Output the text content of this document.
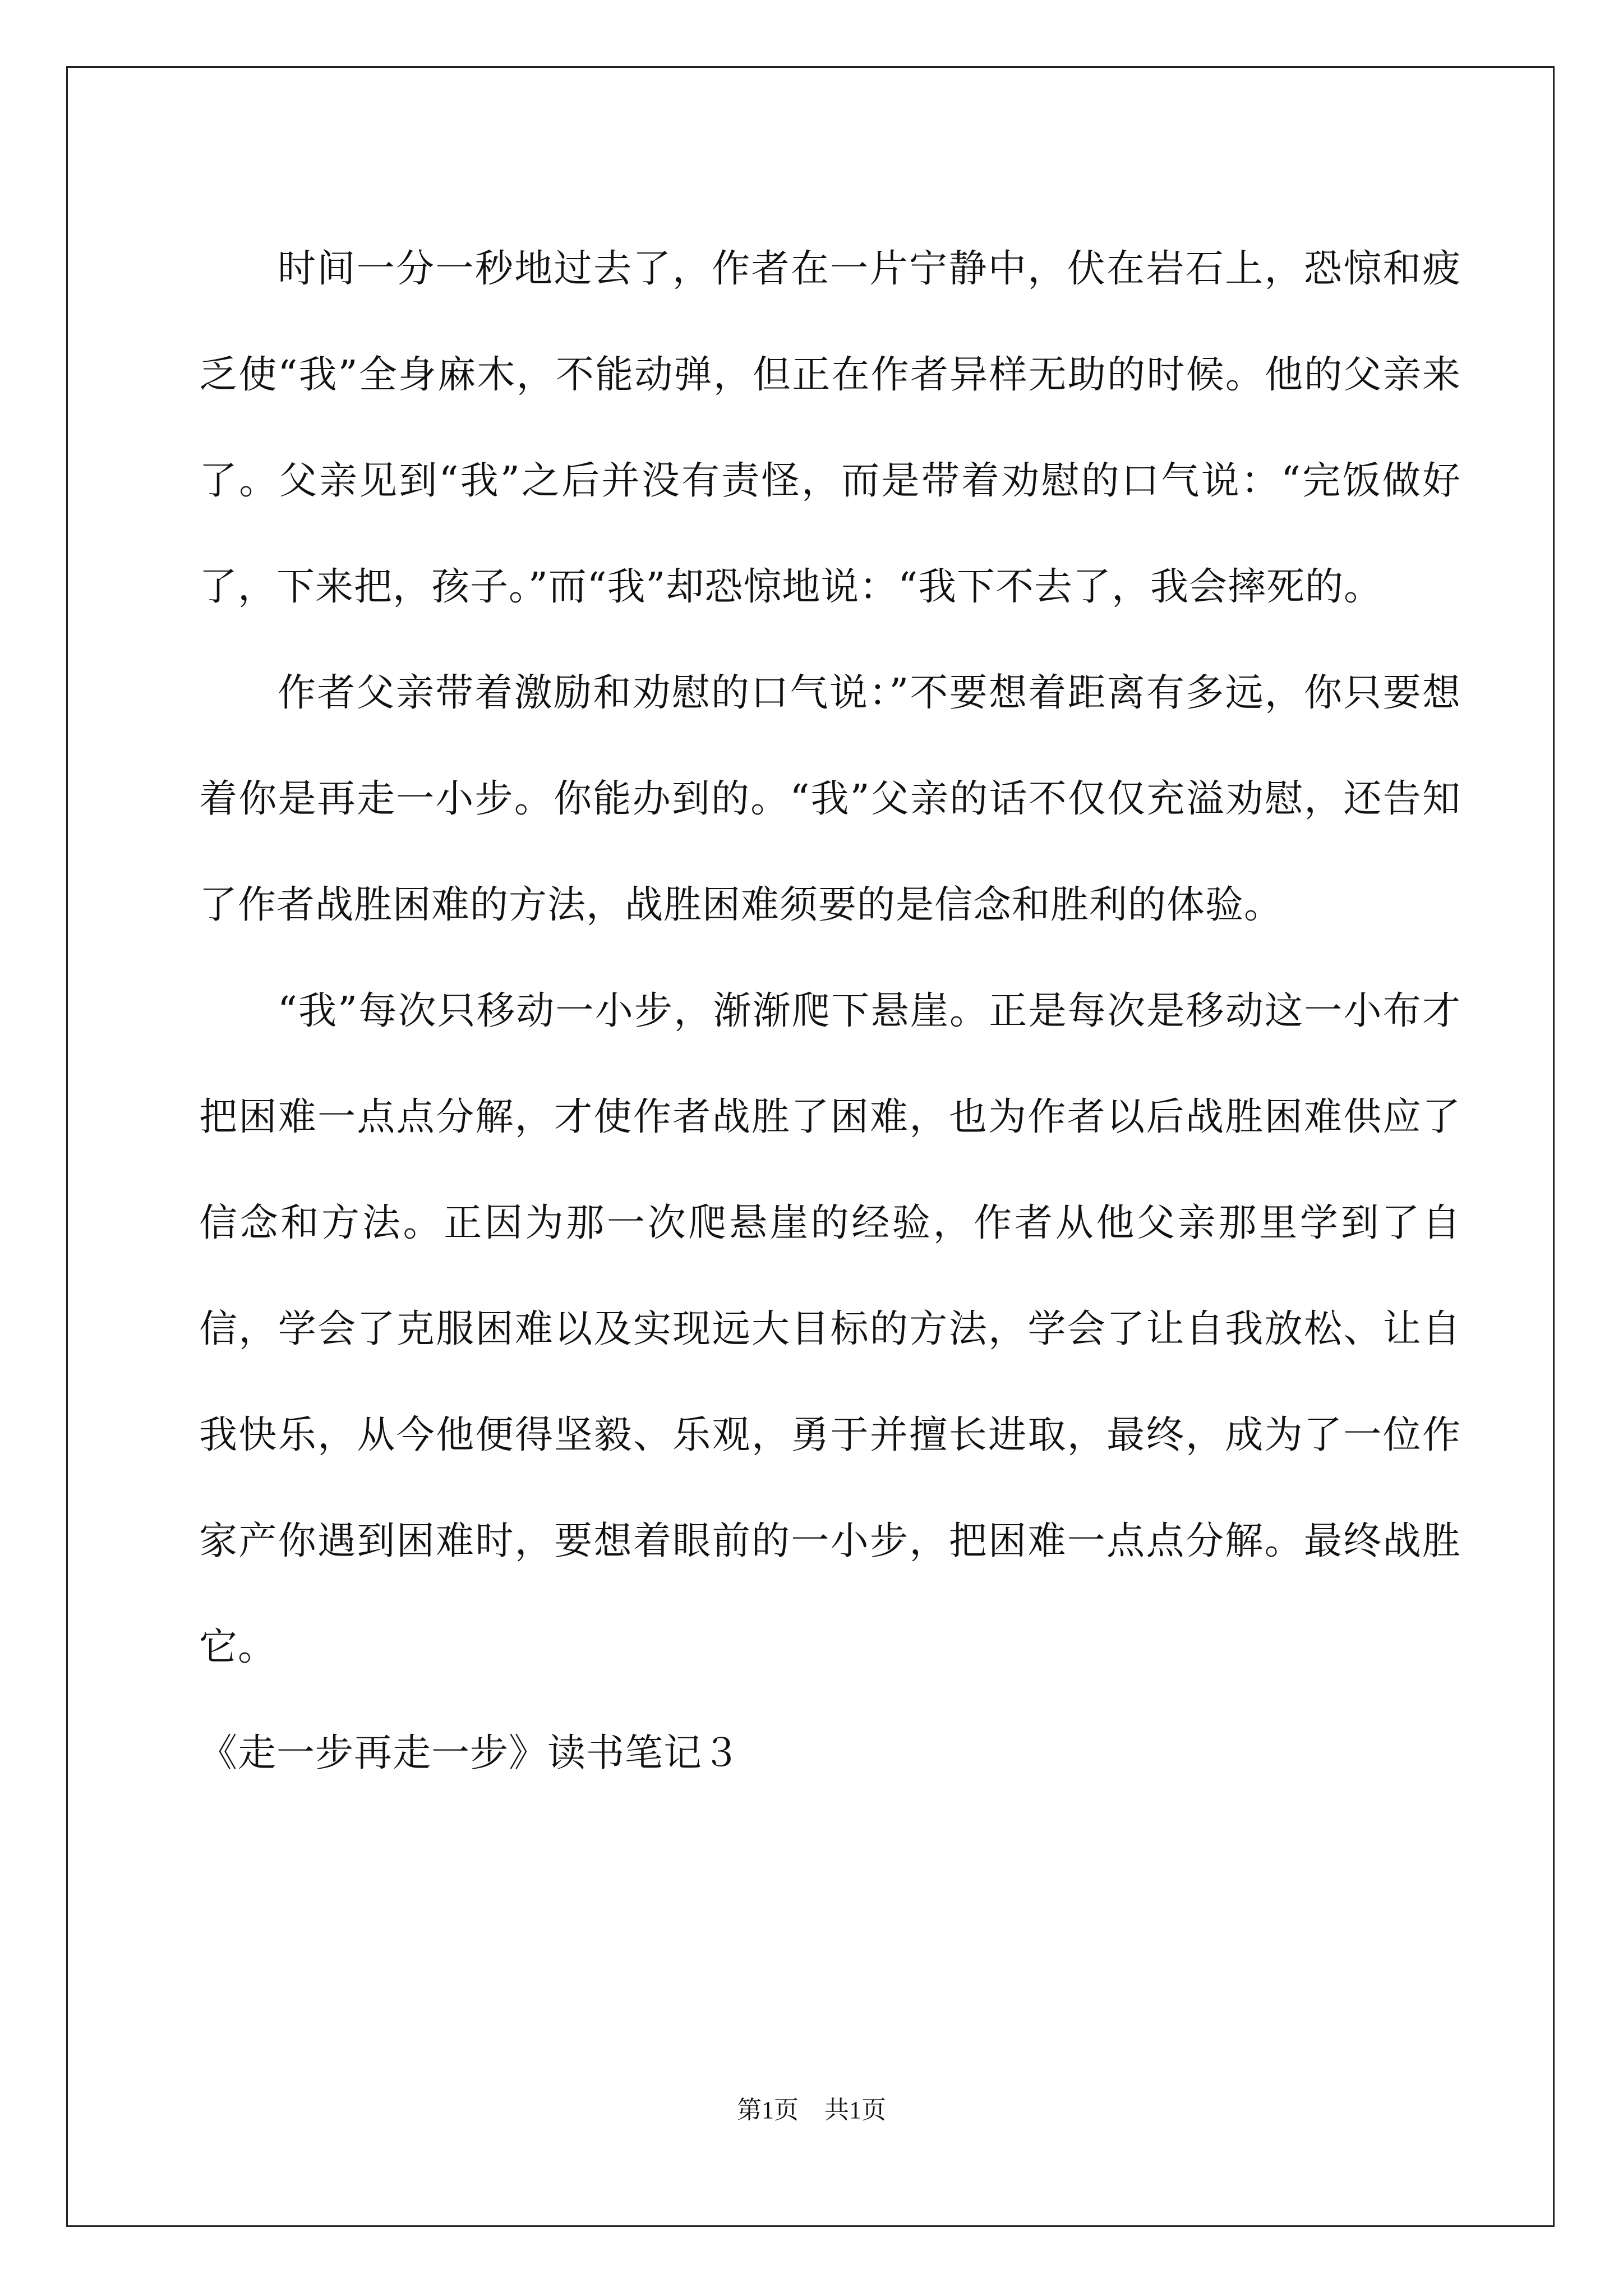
时间一分一秒地过去了，作者在一片宁静中，伏在岩石上，恐惊和疲乏使“我”全身麻木，不能动弹，但正在作者异样无助的时候。他的父亲来了。父亲见到“我”之后并没有责怪，而是带着劝慰的口气说：“完饭做好了，下来把，孩子。”而“我”却恐惊地说：“我下不去了，我会摔死的。

作者父亲带着激励和劝慰的口气说：”不要想着距离有多远，你只要想着你是再走一小步。你能办到的。“我”父亲的话不仅仅充溢劝慰，还告知了作者战胜困难的方法，战胜困难须要的是信念和胜利的体验。

“我”每次只移动一小步，渐渐爬下悬崖。正是每次是移动这一小布才把困难一点点分解，才使作者战胜了困难，也为作者以后战胜困难供应了信念和方法。正因为那一次爬悬崖的经验，作者从他父亲那里学到了自信，学会了克服困难以及实现远大目标的方法，学会了让自我放松、让自我快乐，从今他便得坚毅、乐观，勇于并擅长进取，最终，成为了一位作家产你遇到困难时，要想着眼前的一小步，把困难一点点分解。最终战胜它。

《走一步再走一步》读书笔记３

第1页 共1页
